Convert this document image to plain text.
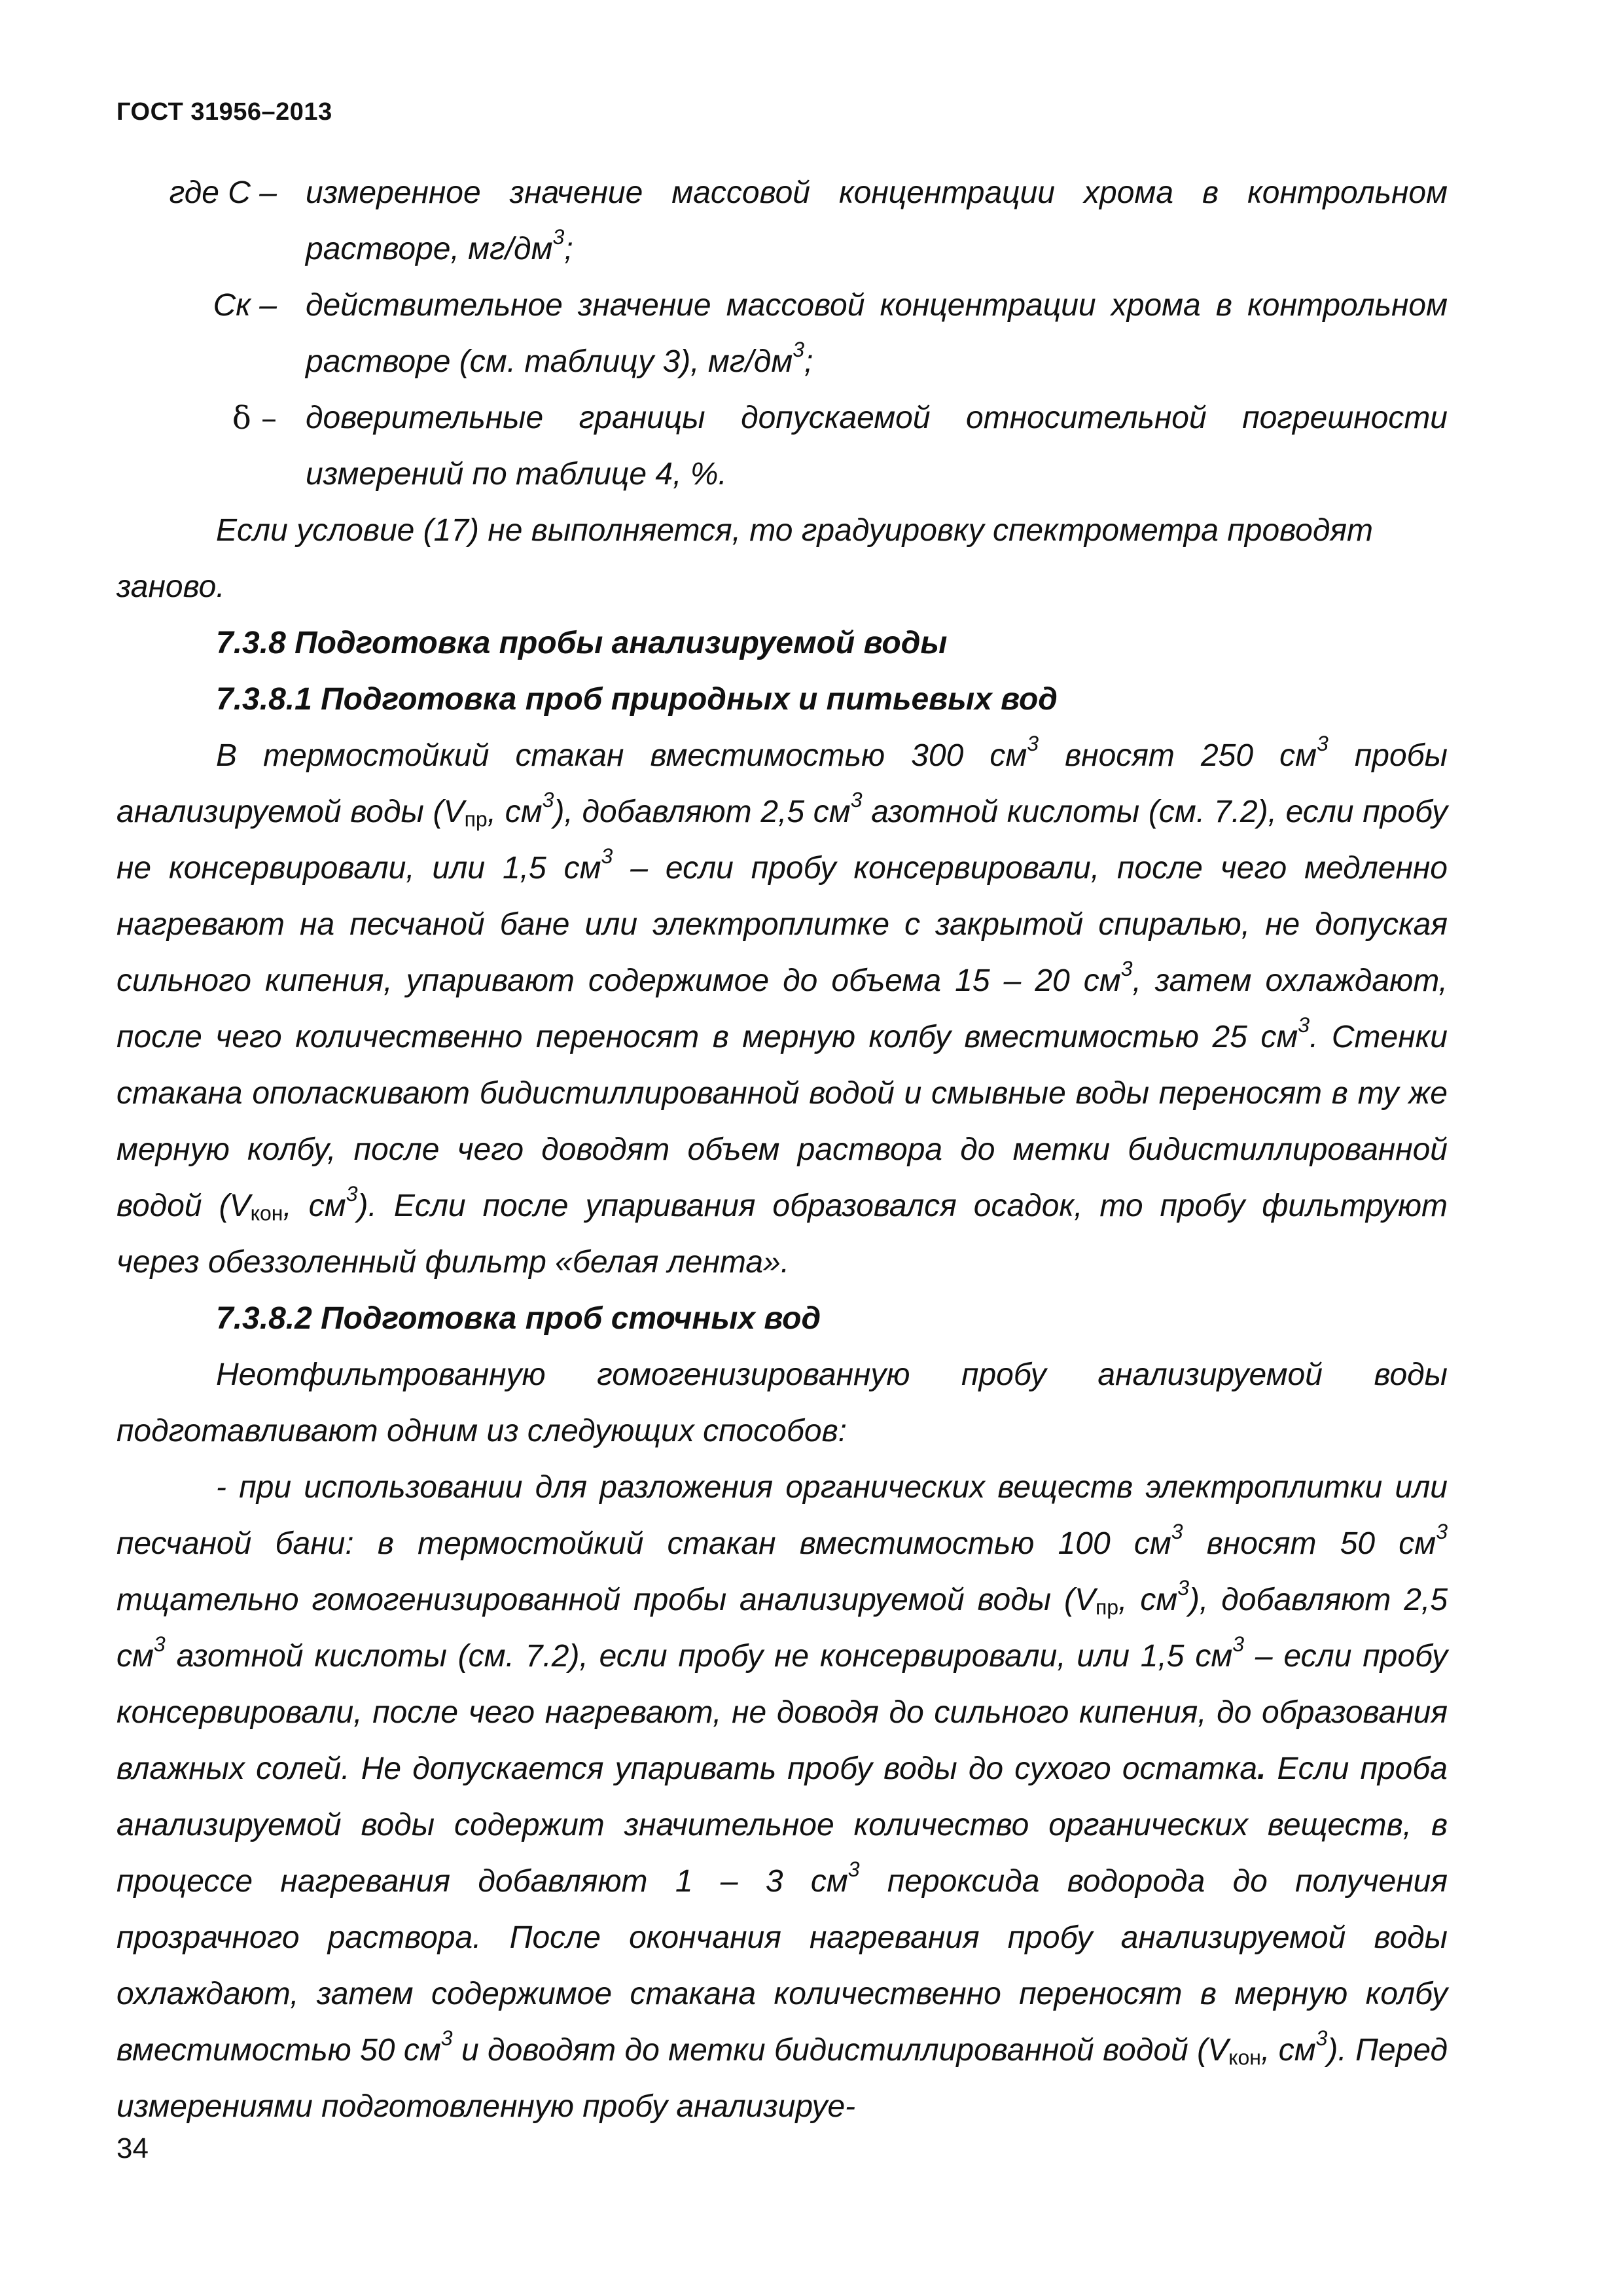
ГОСТ 31956–2013
где C –	измеренное значение массовой концентрации хрома в контрольном растворе, $мг/дм^3$;
Cк –	действительное значение массовой концентрации хрома в контрольном растворе (см. таблицу 3), $мг/дм^3$;
δ –	доверительные границы допускаемой относительной погрешности измерений по таблице 4, %.

Если условие (17) не выполняется, то градуировку спектрометра проводят

заново.

7.3.8 Подготовка пробы анализируемой воды

7.3.8.1 Подготовка проб природных и питьевых вод

В термостойкий стакан вместимостью 300 $см^3$ вносят 250 $см^3$ пробы анализируемой воды ($V_{пр}$, $см^3$), добавляют 2,5 $см^3$ азотной кислоты (см. 7.2), если пробу не консервировали, или 1,5 $см^3$ – если пробу консервировали, после чего медленно нагревают на песчаной бане или электроплитке с закрытой спиралью, не допуская сильного кипения, упаривают содержимое до объема 15 – 20 $см^3$, затем охлаждают, после чего количественно переносят в мерную колбу вместимостью 25 $см^3$. Стенки стакана ополаскивают бидистиллированной водой и смывные воды переносят в ту же мерную колбу, после чего доводят объем раствора до метки бидистиллированной водой ($V_{кон}$, $см^3$). Если после упаривания образовался осадок, то пробу фильтруют через обеззоленный фильтр «белая лента».

7.3.8.2 Подготовка проб сточных вод

Неотфильтрованную гомогенизированную пробу анализируемой воды подготавливают одним из следующих способов:

- при использовании для разложения органических веществ электроплитки или песчаной бани: в термостойкий стакан вместимостью 100 $см^3$ вносят 50 $см^3$ тщательно гомогенизированной пробы анализируемой воды ($V_{пр}$, $см^3$), добавляют 2,5 $см^3$ азотной кислоты (см. 7.2), если пробу не консервировали, или 1,5 $см^3$ – если пробу консервировали, после чего нагревают, не доводя до сильного кипения, до образования влажных солей. Не допускается упаривать пробу воды до сухого остатка. Если проба анализируемой воды содержит значительное количество органических веществ, в процессе нагревания добавляют 1 – 3 $см^3$ пероксида водорода до получения прозрачного раствора. После окончания нагревания пробу анализируемой воды охлаждают, затем содержимое стакана количественно переносят в мерную колбу вместимостью 50 $см^3$ и доводят до метки бидистиллированной водой ($V_{кон}$, $см^3$). Перед измерениями подготовленную пробу анализируе-

34
